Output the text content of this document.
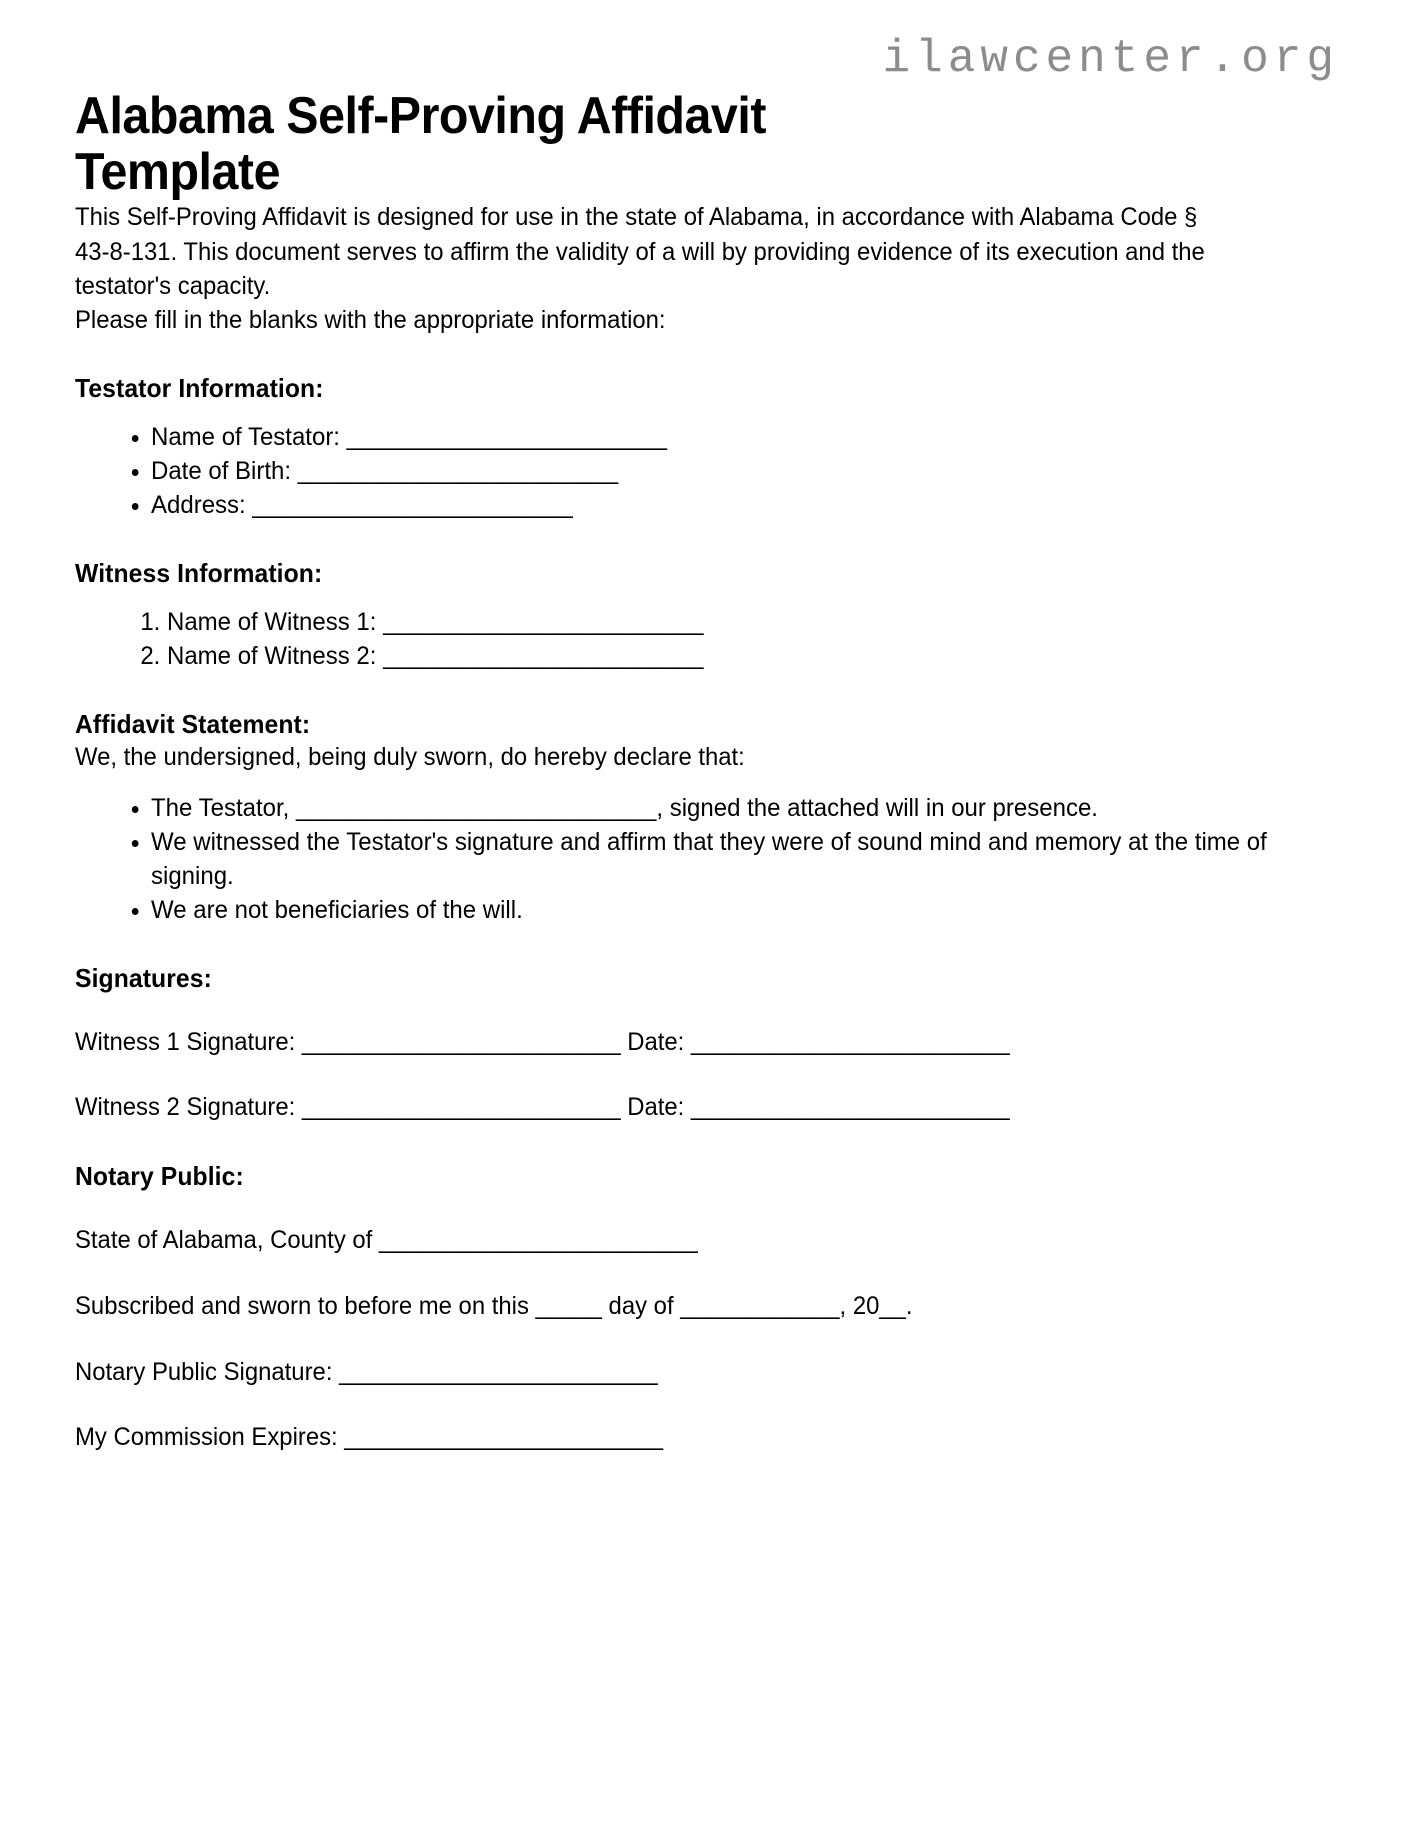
ilawcenter.org
Alabama Self-Proving Affidavit Template

This Self-Proving Affidavit is designed for use in the state of Alabama, in accordance with Alabama Code § 43-8-131. This document serves to affirm the validity of a will by providing evidence of its execution and the testator's capacity.

Please fill in the blanks with the appropriate information:

Testator Information:
• Name of Testator: ________________________
• Date of Birth: ________________________
• Address: ________________________
Witness Information:
1. Name of Witness 1: ________________________
2. Name of Witness 2: ________________________
Affidavit Statement:

We, the undersigned, being duly sworn, do hereby declare that:

• The Testator, ___________________________, signed the attached will in our presence.
• We witnessed the Testator's signature and affirm that they were of sound mind and memory at the time of signing.
• We are not beneficiaries of the will.
Signatures:

Witness 1 Signature: ________________________ Date: ________________________

Witness 2 Signature: ________________________ Date: ________________________

Notary Public:

State of Alabama, County of ________________________

Subscribed and sworn to before me on this _____ day of ____________, 20__.

Notary Public Signature: ________________________

My Commission Expires: ________________________
